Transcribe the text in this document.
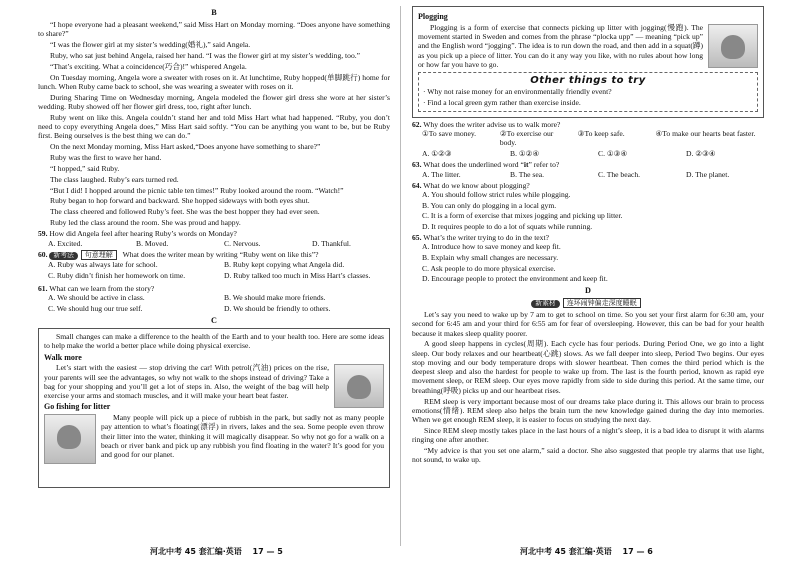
B

“I hope everyone had a pleasant weekend,” said Miss Hart on Monday morning. “Does anyone have something to share?”

“I was the flower girl at my sister’s wedding(婚礼),” said Angela.

Ruby, who sat just behind Angela, raised her hand. “I was the flower girl at my sister’s wedding, too.”

“That’s exciting. What a coincidence(巧合)!” whispered Angela.

On Tuesday morning, Angela wore a sweater with roses on it. At lunchtime, Ruby hopped(单脚跳行) home for lunch. When Ruby came back to school, she was wearing a sweater with roses on it.

During Sharing Time on Wednesday morning, Angela modeled the flower girl dress she wore at her sister’s wedding. Ruby showed off her flower girl dress, too, right after lunch.

Ruby went on like this. Angela couldn’t stand her and told Miss Hart what had happened. “Ruby, you don’t need to copy everything Angela does,” Miss Hart said softly. “You can be anything you want to be, but be Ruby first. Being ourselves is the best thing we can do.”

On the next Monday morning, Miss Hart asked,“Does anyone have something to share?”

Ruby was the first to wave her hand.

“I hopped,” said Ruby.

The class laughed. Ruby’s ears turned red.

“But I did! I hopped around the picnic table ten times!” Ruby looked around the room. “Watch!”

Ruby began to hop forward and backward. She hopped sideways with both eyes shut.

The class cheered and followed Ruby’s feet. She was the best hopper they had ever seen.

Ruby led the class around the room. She was proud and happy.

59. How did Angela feel after hearing Ruby’s words on Monday?
A. Excited.	B. Moved.	C. Nervous.	D. Thankful.
60. 新考法 句意理解 What does the writer mean by writing “Ruby went on like this”?
A. Ruby was always late for school.	B. Ruby kept copying what Angela did.
C. Ruby didn’t finish her homework on time.	D. Ruby talked too much in Miss Hart’s classes.
61. What can we learn from the story?
A. We should be active in class.	B. We should make more friends.
C. We should hug our true self.	D. We should be friendly to others.
C

Small changes can make a difference to the health of the Earth and to your health too. Here are some ideas to help make the world a better place while doing physical exercise.

Walk more

Let’s start with the easiest — stop driving the car! With petrol(汽油) prices on the rise, your parents will see the advantages, so why not walk to the shops instead of driving? Take a bag for your shopping and you’ll get a lot of steps in. Also, the weight of the bag will help exercise your arms and stomach muscles, and it will make your heart beat faster.

Go fishing for litter

Many people will pick up a piece of rubbish in the park, but sadly not as many people pay attention to what’s floating(漂浮) in rivers, lakes and the sea. Some people even throw their litter into the water, thinking it will magically disappear. So why not go for a walk on a beach or river bank and pick up any rubbish you find floating in the water? It’s good for you and good for our planet.

Plogging

Plogging is a form of exercise that connects picking up litter with jogging(慢跑). The movement started in Sweden and comes from the phrase “plocka upp” — meaning “pick up” and the English word “jogging”. The idea is to run down the road, and then add in a squat(蹲) as you pick up a piece of litter. You can do it any way you like, with no rules about how long or how far you have to go.

Other things to try

· Why not raise money for an environmentally friendly event?

· Find a local green gym rather than exercise inside.

62. Why does the writer advise us to walk more?
①To save money.	②To exercise our body.
③To keep safe.	④To make our hearts beat faster.
A. ①②③	B. ①②④	C. ①③④	D. ②③④
63. What does the underlined word “it” refer to?
A. The litter.	B. The sea.	C. The beach.	D. The planet.
64. What do we know about plogging?
A. You should follow strict rules while plogging.
B. You can only do plogging in a local gym.
C. It is a form of exercise that mixes jogging and picking up litter.
D. It requires people to do a lot of squats while running.
65. What’s the writer trying to do in the text?
A. Introduce how to save money and keep fit.
B. Explain why small changes are necessary.
C. Ask people to do more physical exercise.
D. Encourage people to protect the environment and keep fit.
D
新素材 连环闹钟偏走深度睡眠

Let’s say you need to wake up by 7 am to get to school on time. So you set your first alarm for 6:30 am, your second for 6:45 am and your third for 6:55 am for fear of oversleeping. However, this can be bad for your health because it makes sleep quality poorer.

A good sleep happens in cycles(周期). Each cycle has four periods. During Period One, we go into a light sleep. Our body relaxes and our heartbeat(心跳) slows. As we fall deeper into sleep, Period Two begins. Our eyes stop moving and our body temperature drops with slower heartbeat. Then comes the third period which is the deepest sleep and also the hardest for people to wake up from. The last is the fourth period, known as rapid eye movement sleep, or REM sleep. Our eyes move rapidly from side to side during this period. At the same time, our breathing(呼吸) picks up and our heartbeat rises.

REM sleep is very important because most of our dreams take place during it. This allows our brain to process emotions(情绪). REM sleep also helps the brain turn the new knowledge gained during the day into memories. When we get enough REM sleep, it is easier to focus on studying the next day.

Since REM sleep mostly takes place in the last hours of a night’s sleep, it is a bad idea to disrupt it with alarms ringing one after another.

“My advice is that you set one alarm,” said a doctor. She also suggested that people try alarms that use light, not sound, to wake up.

河北中考 45 套汇编·英语 17 — 5	河北中考 45 套汇编·英语 17 — 6
